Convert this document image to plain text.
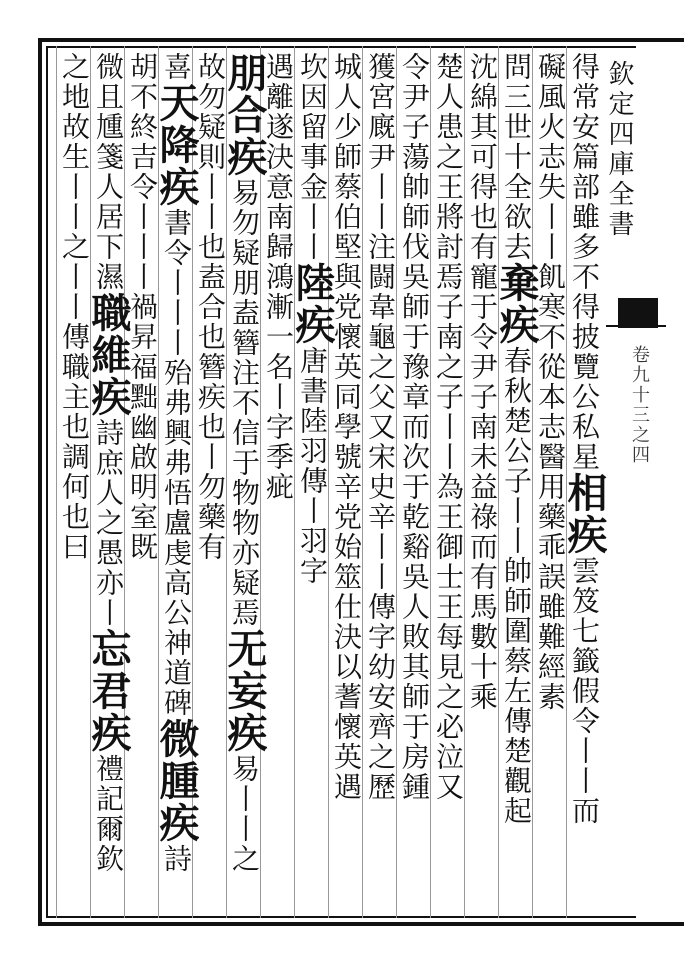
欽定四庫全書
卷九十三之四
得常安篇部雖多不得披覽公私星相疾雲笈七籤假令丨丨而
礙風火志失丨丨飢寒不從本志醫用藥乖誤雖難經素
問三世十全欲去棄疾春秋楚公子丨丨帥師圍蔡左傳楚觀起
沈綿其可得也有寵于令尹子南未益祿而有馬數十乘
楚人患之王將討焉子南之子丨丨為王御士王每見之必泣又
令尹子蕩帥師伐吳師于豫章而次于乾谿吳人敗其師于房鍾
獲宮廐尹丨丨注闘韋龜之父又宋史辛丨丨傳字幼安齊之歷
城人少師蔡伯堅與党懷英同學號辛党始筮仕決以蓍懷英遇
坎因留事金丨丨陸疾唐書陸羽傳丨羽字
遇離遂決意南歸鴻漸一名丨字季疵
朋合疾易勿疑朋盍簪注不信于物物亦疑焉无妄疾易丨丨之
故勿疑則丨丨也盍合也簪疾也丨勿藥有
喜天降疾書令丨丨丨殆弗興弗悟盧虔高公神道碑微腫疾詩
胡不終吉令丨丨丨禍昇福黜幽啟明室既
微且尰箋人居下濕職維疾詩庶人之愚亦丨忘君疾禮記爾欽
之地故生丨丨之丨丨傳職主也調何也曰
